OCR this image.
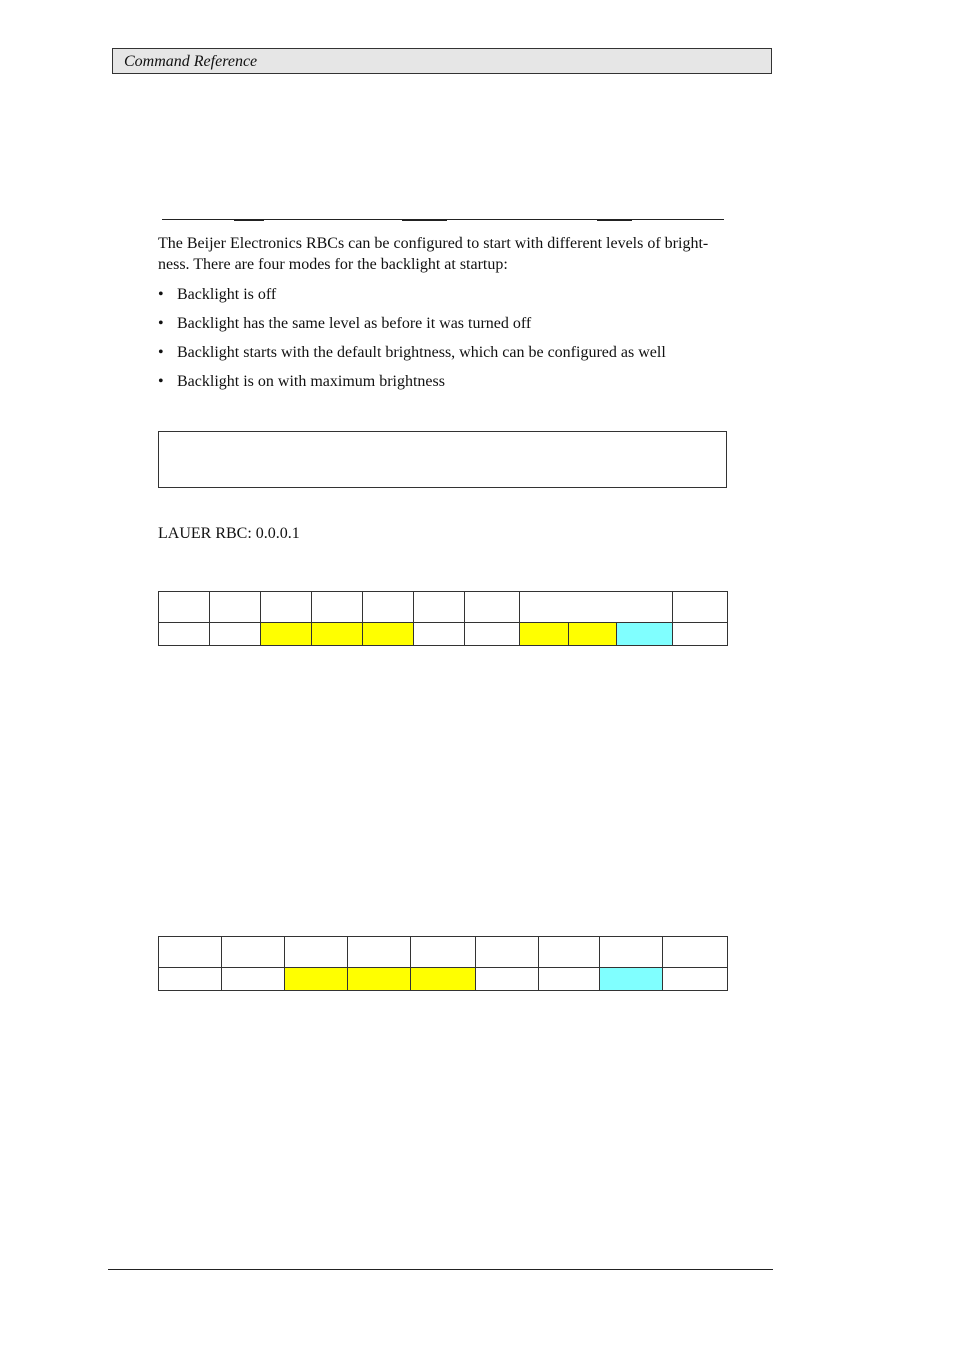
Command Reference
The Beijer Electronics RBCs can be configured to start with different levels of bright-
ness. There are four modes for the backlight at startup:
• Backlight is off
• Backlight has the same level as before it was turned off
• Backlight starts with the default brightness, which can be configured as well
• Backlight is on with maximum brightness
LAUER RBC: 0.0.0.1
